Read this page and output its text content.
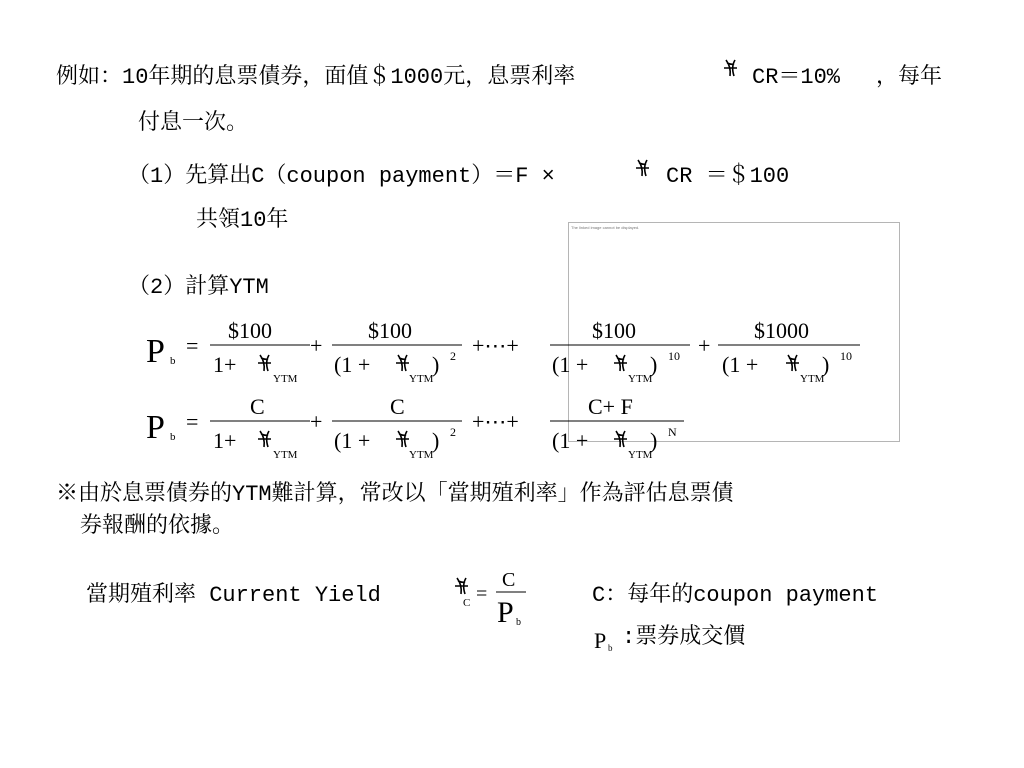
例如：10年期的息票債券，面值＄1000元，息票利率	CR＝10% ，每年
付息一次。
（1）先算出C（coupon payment）＝F ×	CR ＝＄100
共領10年
（2）計算YTM
The linked image cannot be displayed.
P b
=
$100
1+
YTM
+
$100
(1 +	) 2
YTM
+⋯+
$100
(1 +	) 10
YTM
+
$1000
(1 +	) 10
YTM
P b
=
C
1+
YTM
+
C
(1 +	) 2
YTM
+⋯+
C+ F
(1 +	) N
YTM
C =
C
P b
P b
※由於息票債券的YTM難計算，常改以「當期殖利率」作為評估息票債
券報酬的依據。
當期殖利率 Current Yield	C：每年的coupon payment
:票券成交價
